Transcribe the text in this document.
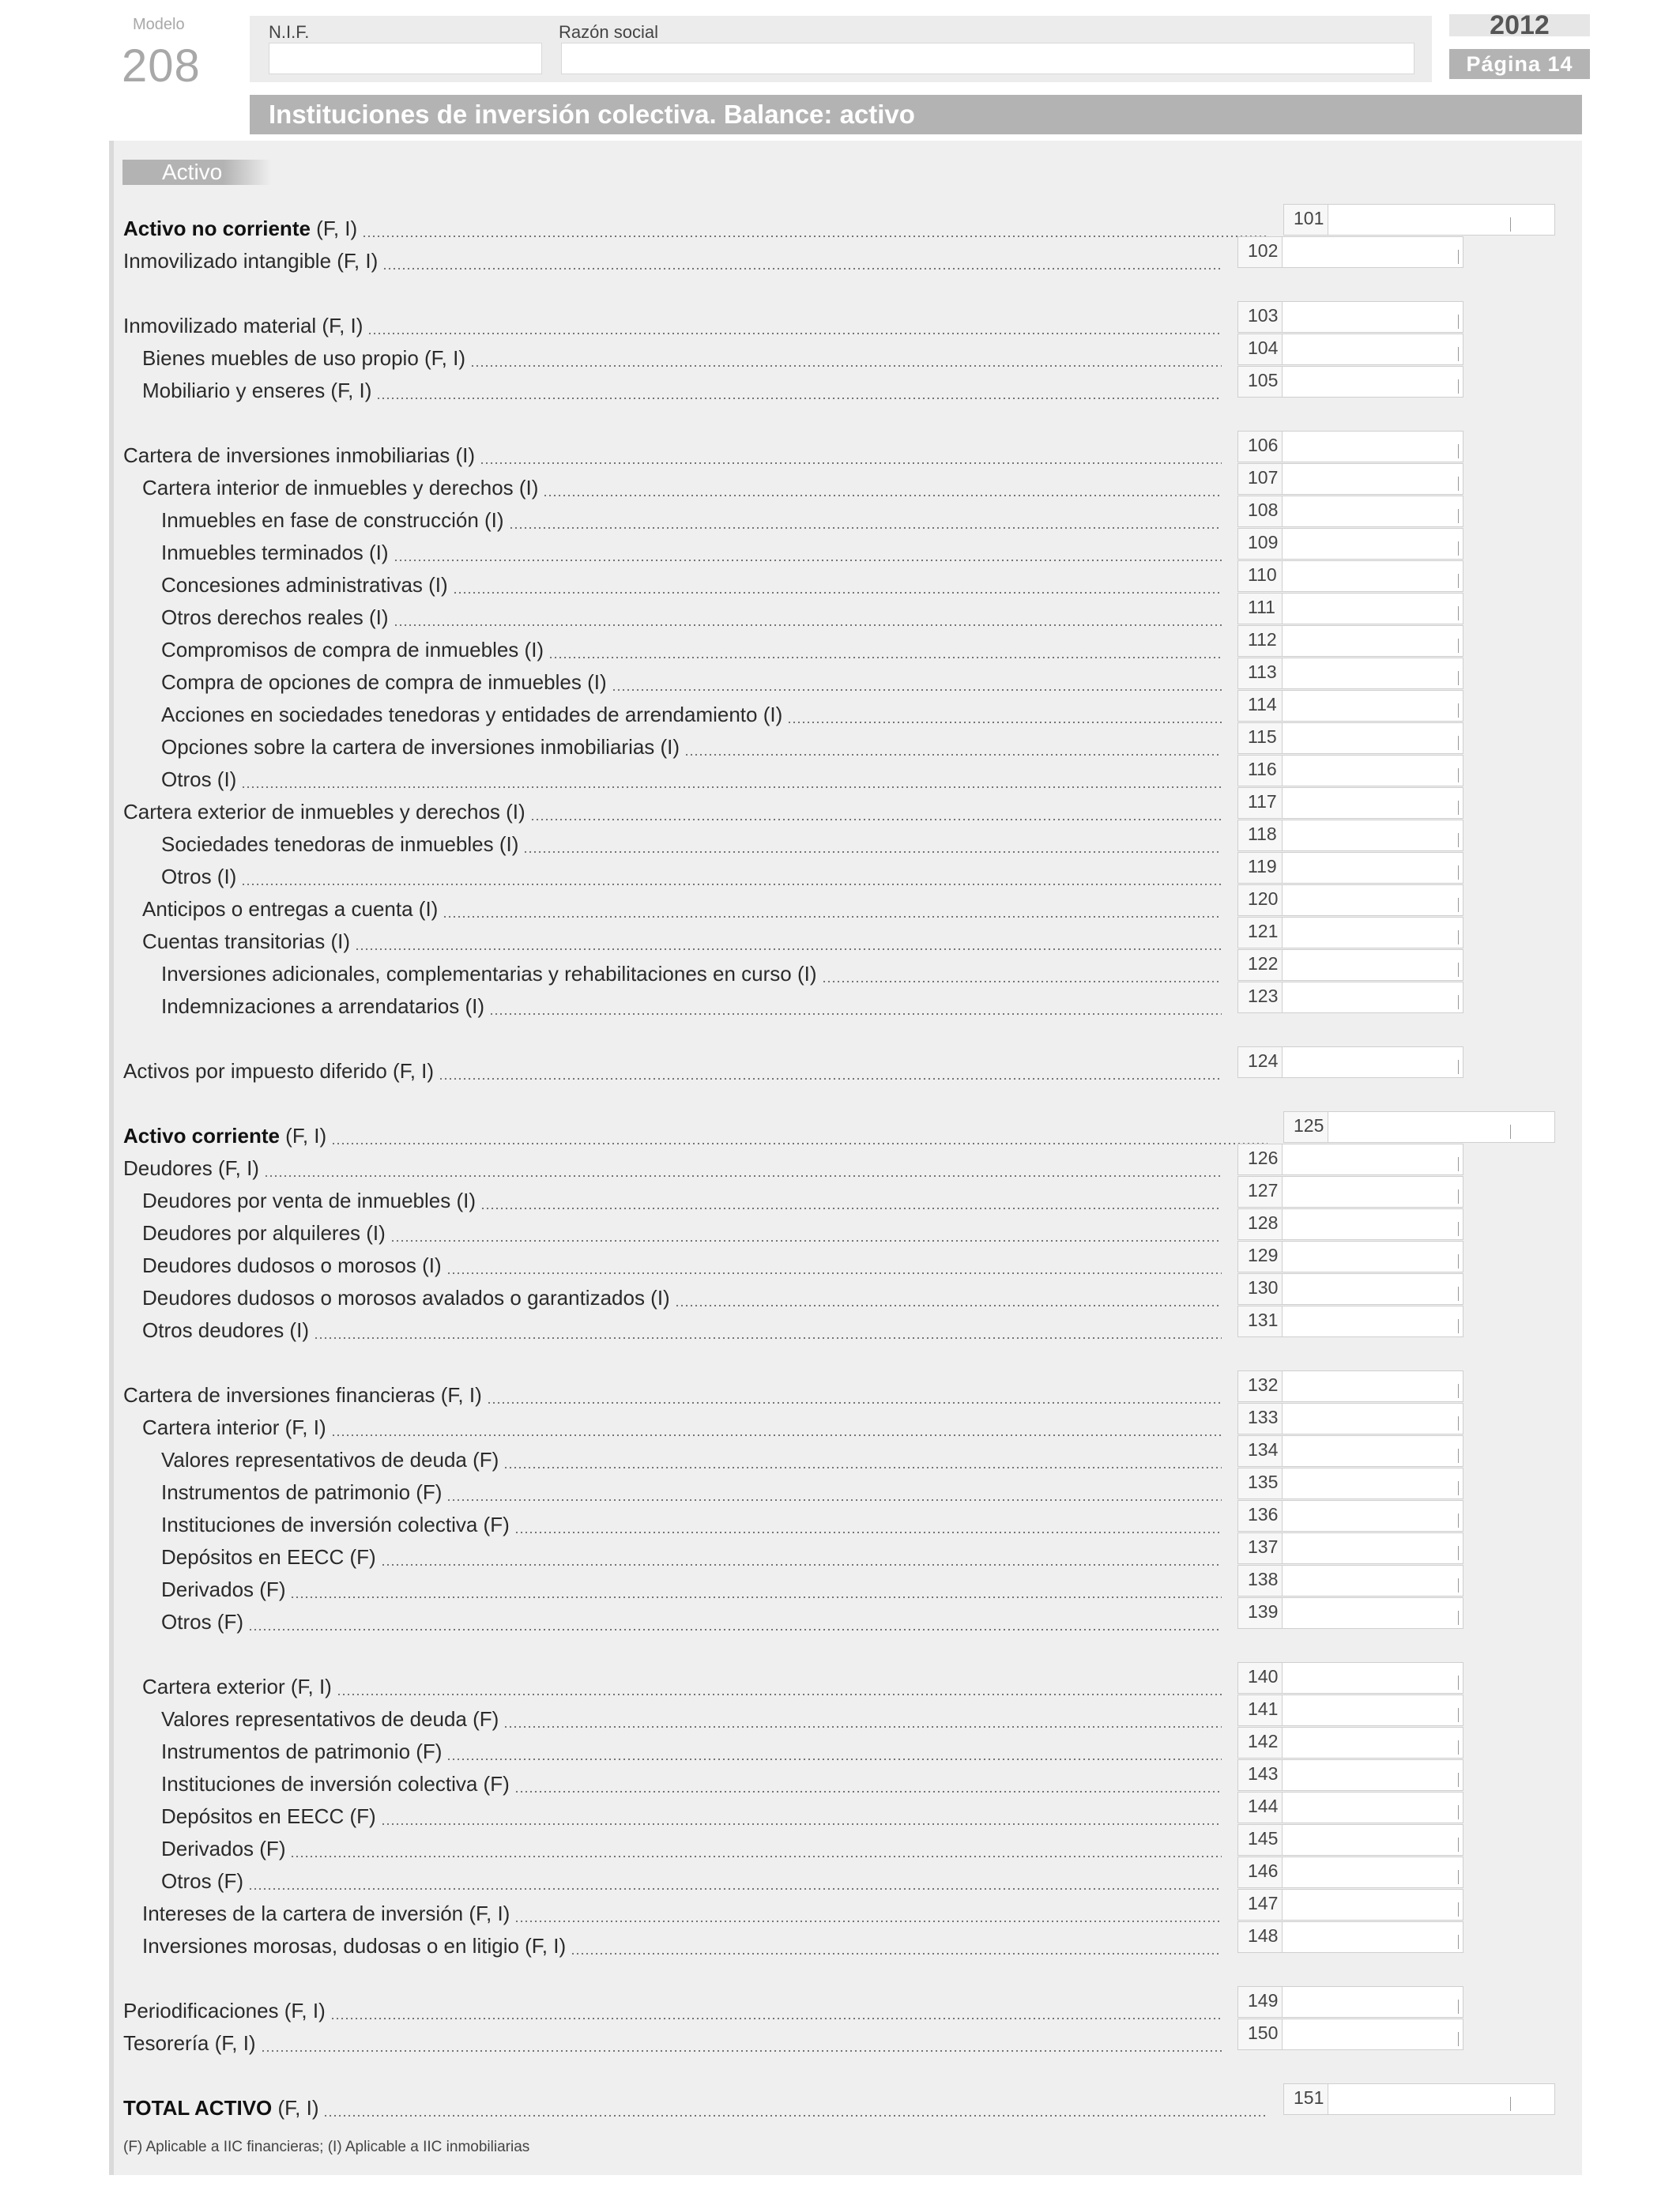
Modelo
208
N.I.F.	Razón social	2012
Página 14
Instituciones de inversión colectiva. Balance: activo
Activo
Activo no corriente (F, I)	101
Inmovilizado intangible (F, I)	102
Inmovilizado material (F, I)	103
Bienes muebles de uso propio (F, I)	104
Mobiliario y enseres (F, I)	105
Cartera de inversiones inmobiliarias (I)	106
Cartera interior de inmuebles y derechos (I)	107
Inmuebles en fase de construcción (I)	108
Inmuebles terminados (I)	109
Concesiones administrativas (I)	110
Otros derechos reales (I)	111
Compromisos de compra de inmuebles (I)	112
Compra de opciones de compra de inmuebles (I)	113
Acciones en sociedades tenedoras y entidades de arrendamiento (I)	114
Opciones sobre la cartera de inversiones inmobiliarias (I)	115
Otros (I)	116
Cartera exterior de inmuebles y derechos (I)	117
Sociedades tenedoras de inmuebles (I)	118
Otros (I)	119
Anticipos o entregas a cuenta (I)	120
Cuentas transitorias (I)	121
Inversiones adicionales, complementarias y rehabilitaciones en curso (I)	122
Indemnizaciones a arrendatarios (I)	123
Activos por impuesto diferido (F, I)	124
Activo corriente (F, I)	125
Deudores (F, I)	126
Deudores por venta de inmuebles (I)	127
Deudores por alquileres (I)	128
Deudores dudosos o morosos (I)	129
Deudores dudosos o morosos avalados o garantizados (I)	130
Otros deudores (I)	131
Cartera de inversiones financieras (F, I)	132
Cartera interior (F, I)	133
Valores representativos de deuda (F)	134
Instrumentos de patrimonio (F)	135
Instituciones de inversión colectiva (F)	136
Depósitos en EECC (F)	137
Derivados (F)	138
Otros (F)	139
Cartera exterior (F, I)	140
Valores representativos de deuda (F)	141
Instrumentos de patrimonio (F)	142
Instituciones de inversión colectiva (F)	143
Depósitos en EECC (F)	144
Derivados (F)	145
Otros (F)	146
Intereses de la cartera de inversión (F, I)	147
Inversiones morosas, dudosas o en litigio (F, I)	148
Periodificaciones (F, I)	149
Tesorería (F, I)	150
TOTAL ACTIVO (F, I)	151
(F) Aplicable a IIC financieras; (I) Aplicable a IIC inmobiliarias
